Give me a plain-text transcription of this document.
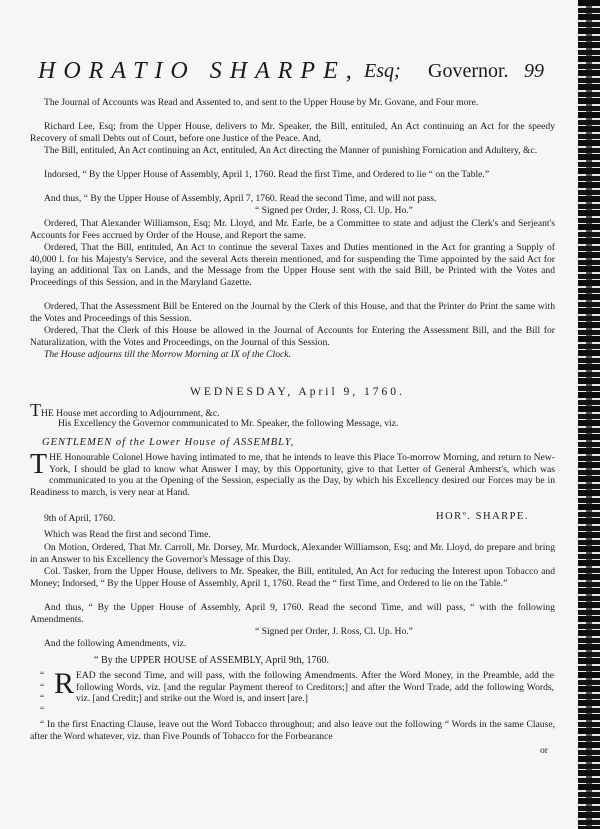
HORATIO SHARPE, Esq; Governor. 99
The Journal of Accounts was Read and Assented to, and sent to the Upper House by Mr. Govane, and Four more.
Richard Lee, Esq; from the Upper House, delivers to Mr. Speaker, the Bill, entituled, An Act continuing an Act for the speedy Recovery of small Debts out of Court, before one Justice of the Peace. And,
The Bill, entituled, An Act continuing an Act, entituled, An Act directing the Manner of punishing Fornication and Adultery, &c.
Indorsed, “ By the Upper House of Assembly, April 1, 1760. Read the first Time, and Ordered to lie “ on the Table.”
And thus, “ By the Upper House of Assembly, April 7, 1760. Read the second Time, and will not pass.
“ Signed per Order, J. Ross, Cl. Up. Ho.”
Ordered, That Alexander Williamson, Esq; Mr. Lloyd, and Mr. Earle, be a Committee to state and adjust the Clerk's and Serjeant's Accounts for Fees accrued by Order of the House, and Report the same.
Ordered, That the Bill, entituled, An Act to continue the several Taxes and Duties mentioned in the Act for granting a Supply of 40,000 l. for his Majesty's Service, and the several Acts therein mentioned, and for suspending the Time appointed by the said Act for laying an additional Tax on Lands, and the Message from the Upper House sent with the said Bill, be Printed with the Votes and Proceedings of this Session, and in the Maryland Gazette.
Ordered, That the Assessment Bill be Entered on the Journal by the Clerk of this House, and that the Printer do Print the same with the Votes and Proceedings of this Session.
Ordered, That the Clerk of this House be allowed in the Journal of Accounts for Entering the Assessment Bill, and the Bill for Naturalization, with the Votes and Proceedings, on the Journal of this Session.
The House adjourns till the Morrow Morning at IX of the Clock.
WEDNESDAY, April 9, 1760.
THE House met according to Adjournment, &c.
His Excellency the Governor communicated to Mr. Speaker, the following Message, viz.
GENTLEMEN of the Lower House of ASSEMBLY,
THE Honourable Colonel Howe having intimated to me, that he intends to leave this Place To-morrow Morning, and return to New-York, I should be glad to know what Answer I may, by this Opportunity, give to that Letter of General Amherst's, which was communicated to you at the Opening of the Session, especially as the Day, by which his Excellency desired our Forces may be in Readiness to march, is very near at Hand.
9th of April, 1760.	HORº. SHARPE.
Which was Read the first and second Time.
On Motion, Ordered, That Mr. Carroll, Mr. Dorsey, Mr. Murdock, Alexander Williamson, Esq; and Mr. Lloyd, do prepare and bring in an Answer to his Excellency the Governor's Message of this Day.
Col. Tasker, from the Upper House, delivers to Mr. Speaker, the Bill, entituled, An Act for reducing the Interest upon Tobacco and Money; Indorsed, “ By the Upper House of Assembly, April 1, 1760. Read the “ first Time, and Ordered to lie on the Table.”
And thus, “ By the Upper House of Assembly, April 9, 1760. Read the second Time, and will pass, “ with the following Amendments.
“ Signed per Order, J. Ross, Cl. Up. Ho.”
And the following Amendments, viz.
“ By the UPPER HOUSE of ASSEMBLY, April 9th, 1760.
“
“
“
“
READ the second Time, and will pass, with the following Amendments. After the Word Money, in the Preamble, add the following Words, viz. [and the regular Payment thereof to Creditors;] and after the Word Trade, add the following Words, viz. [and Credit;] and strike out the Word is, and insert [are.]
“ In the first Enacting Clause, leave out the Word Tobacco throughout; and also leave out the following “ Words in the same Clause, after the Word whatever, viz. than Five Pounds of Tobacco for the Forbearance
or
